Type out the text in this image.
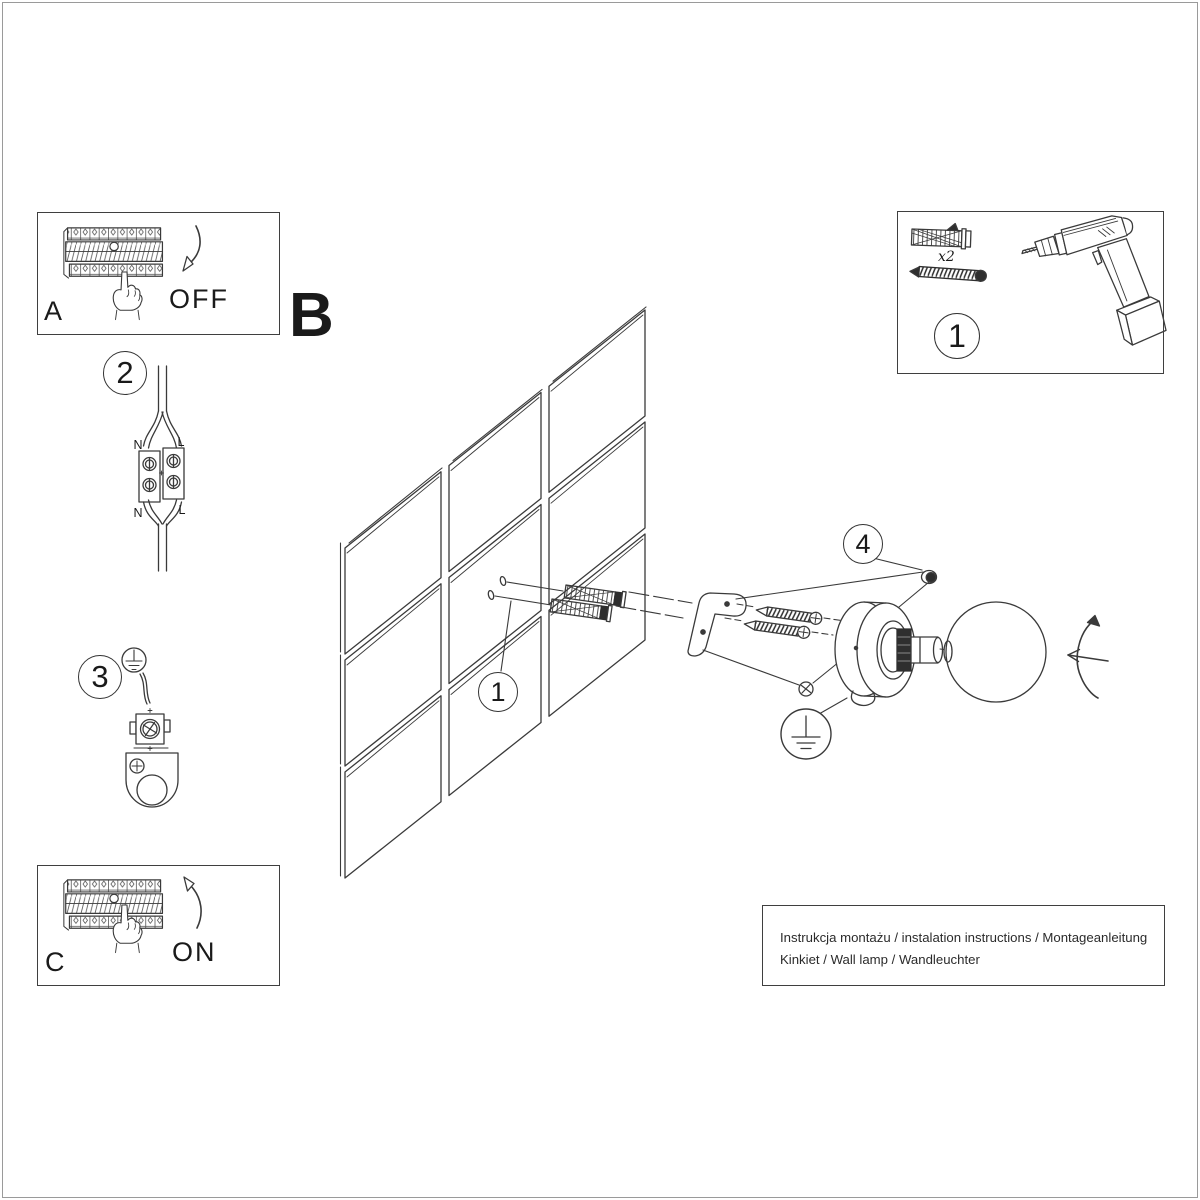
Instrukcja montażu / instalation instructions / Montageanleitung
Kinkiet / Wall lamp / Wandleuchter
A	OFF B
C	ON
x2
2
3
1
1
4
N	L
N	L
